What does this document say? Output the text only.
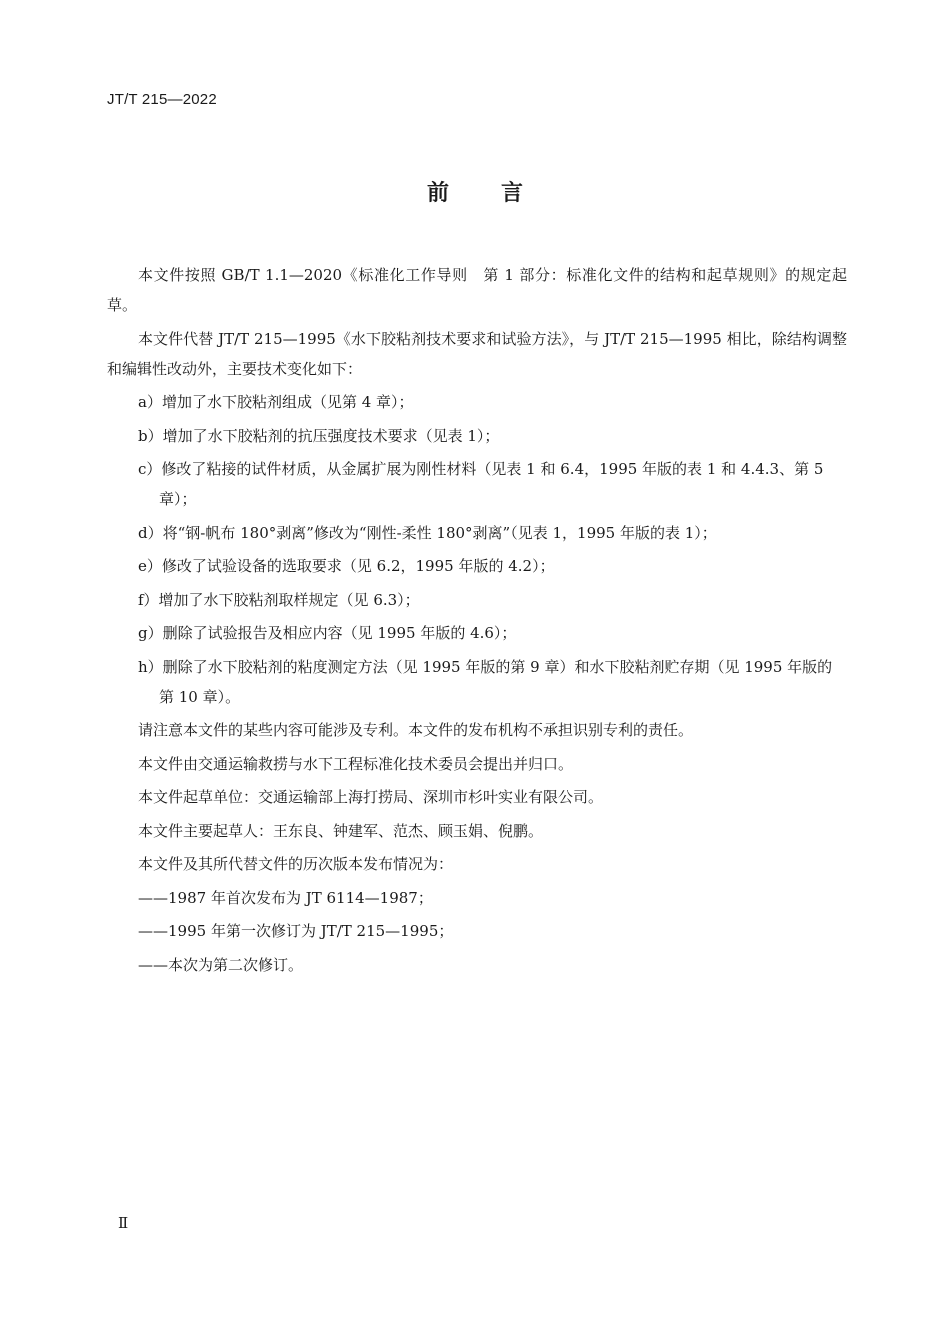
JT/T 215—2022
前言

本文件按照 GB/T 1.1—2020《标准化工作导则　第 1 部分：标准化文件的结构和起草规则》的规定起草。

本文件代替 JT/T 215—1995《水下胶粘剂技术要求和试验方法》，与 JT/T 215—1995 相比，除结构调整和编辑性改动外，主要技术变化如下：

a）增加了水下胶粘剂组成（见第 4 章）；

b）增加了水下胶粘剂的抗压强度技术要求（见表 1）；

c）修改了粘接的试件材质，从金属扩展为刚性材料（见表 1 和 6.4，1995 年版的表 1 和 4.4.3、第 5 章）；

d）将“钢-帆布 180°剥离”修改为“刚性-柔性 180°剥离”（见表 1，1995 年版的表 1）；

e）修改了试验设备的选取要求（见 6.2，1995 年版的 4.2）；

f）增加了水下胶粘剂取样规定（见 6.3）；

g）删除了试验报告及相应内容（见 1995 年版的 4.6）；

h）删除了水下胶粘剂的粘度测定方法（见 1995 年版的第 9 章）和水下胶粘剂贮存期（见 1995 年版的第 10 章）。

请注意本文件的某些内容可能涉及专利。本文件的发布机构不承担识别专利的责任。

本文件由交通运输救捞与水下工程标准化技术委员会提出并归口。

本文件起草单位：交通运输部上海打捞局、深圳市杉叶实业有限公司。

本文件主要起草人：王东良、钟建军、范杰、顾玉娟、倪鹏。

本文件及其所代替文件的历次版本发布情况为：

——1987 年首次发布为 JT 6114—1987；

——1995 年第一次修订为 JT/T 215—1995；

——本次为第二次修订。

Ⅱ
